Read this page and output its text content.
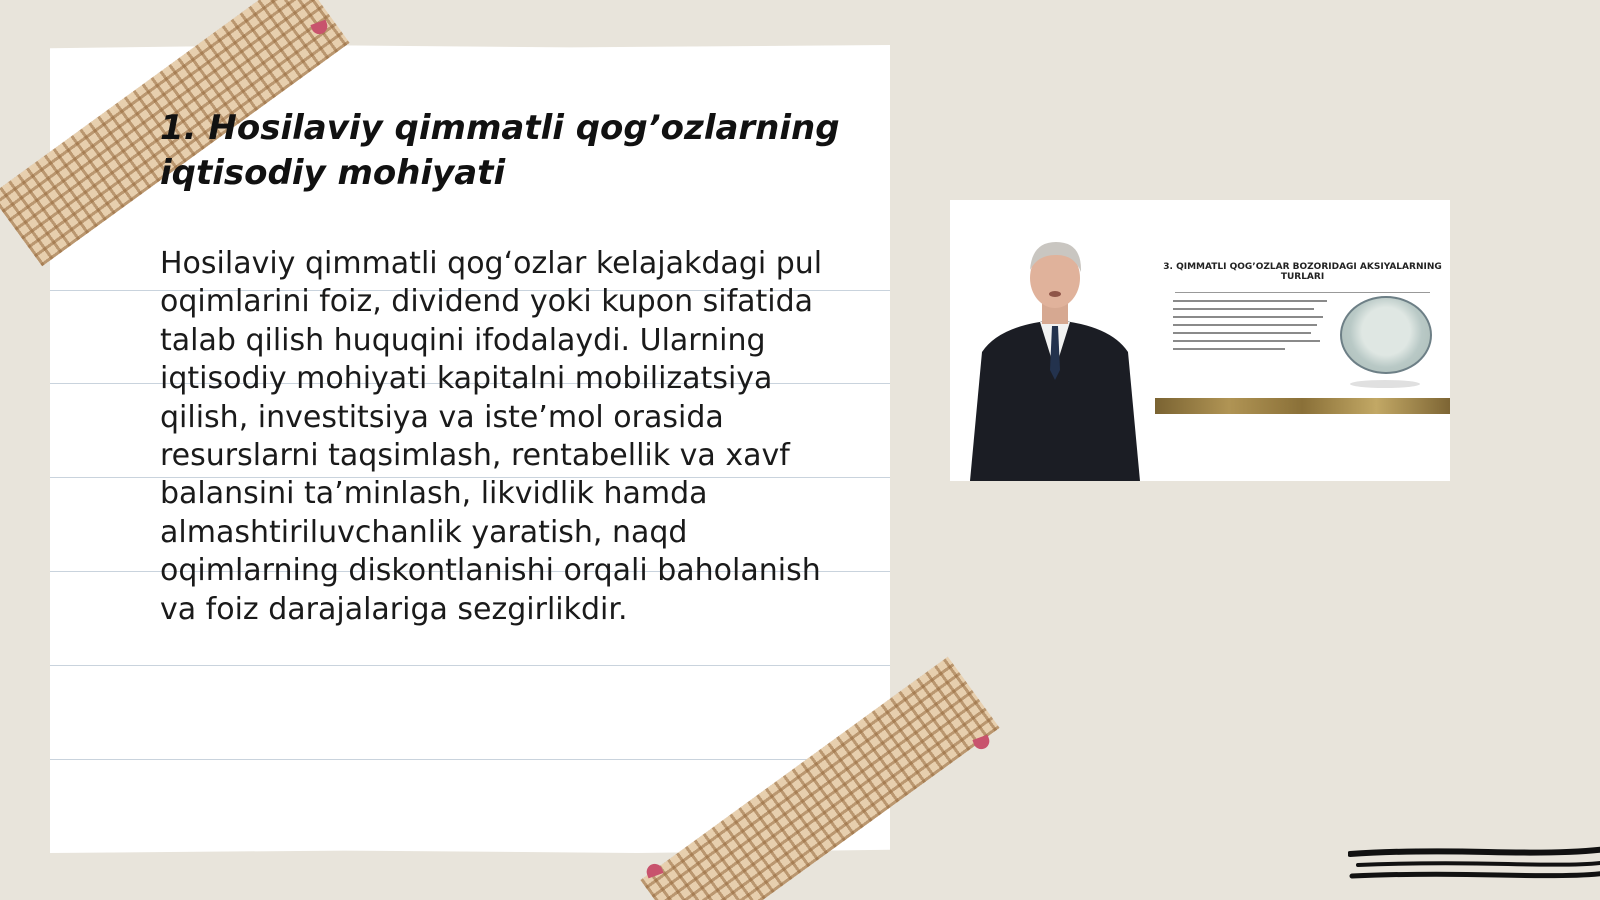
1. Hosilaviy qimmatli qog’ozlarning iqtisodiy mohiyati

Hosilaviy qimmatli qog‘ozlar kelajakdagi pul oqimlarini foiz, dividend yoki kupon sifatida talab qilish huquqini ifodalaydi. Ularning iqtisodiy mohiyati kapitalni mobilizatsiya qilish, investitsiya va iste’mol orasida resurslarni taqsimlash, rentabellik va xavf balansini ta’minlash, likvidlik hamda almashtiriluvchanlik yaratish, naqd oqimlarning diskontlanishi orqali baholanish va foiz darajalariga sezgirlikdir.

3. QIMMATLI QOG’OZLAR BOZORIDAGI AKSIYALARNING TURLARI
